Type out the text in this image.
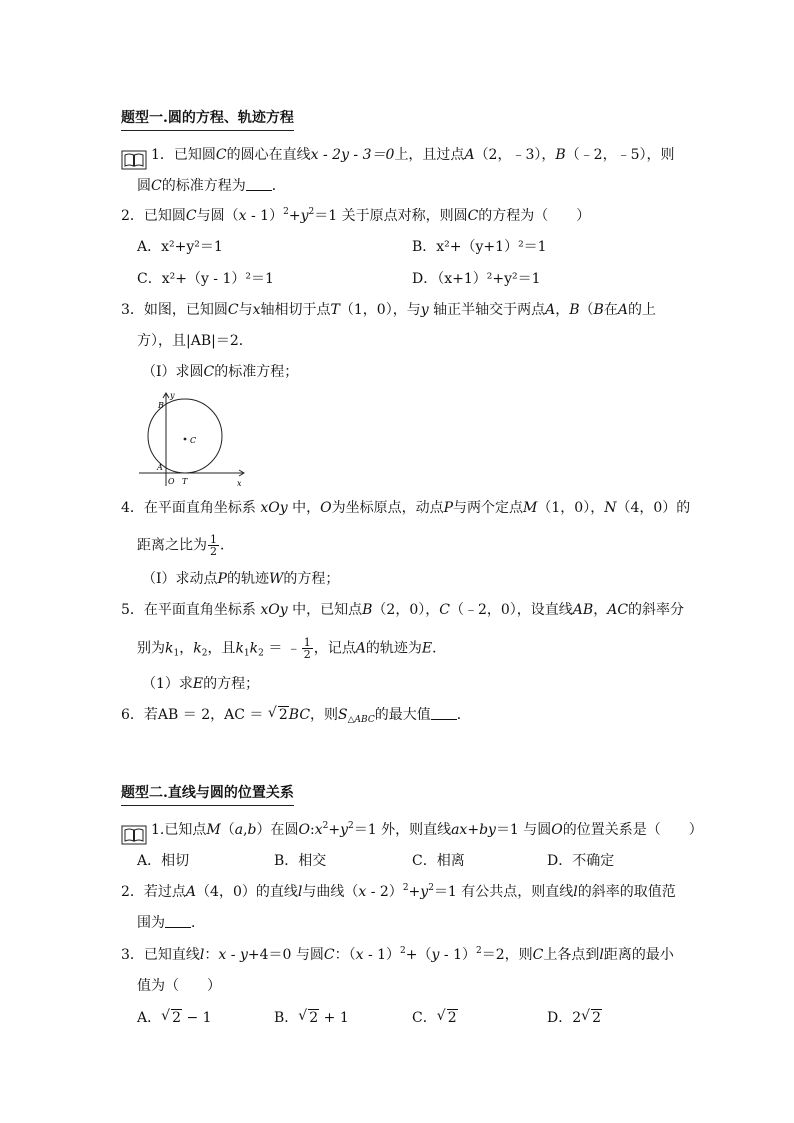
题型一.圆的方程、轨迹方程
1．已知圆C的圆心在直线x - 2y - 3＝0上，且过点A（2，﹣3），B（﹣2，﹣5），则
圆C的标准方程为 ．
2．已知圆C与圆$(x - 1)^2+y^2=1$ 关于原点对称，则圆C的方程为（　　）
A．x²+y²＝1	B．x²+（y+1）²＝1
C．x²+（y - 1）²＝1	D．（x+1）²+y²＝1
3．如图，已知圆C与x轴相切于点T（1，0），与y 轴正半轴交于两点A，B（B在A的上
方），且|AB|＝2．
（Ⅰ）求圆C的标准方程；
B
y
C
A
O T	x
4．在平面直角坐标系 xOy 中，O为坐标原点，动点P与两个定点M（1，0），N（4，0）的
距离之比为 $\frac{1}{2}$ ．
（Ⅰ）求动点P的轨迹W的方程；
5．在平面直角坐标系 xOy 中，已知点B（2，0），C（﹣2，0），设直线AB，AC的斜率分
别为$k_1$，$k_2$，且$k_1k_2$ ＝ ﹣ $\frac{1}{2}$ ，记点A的轨迹为E．
（1）求E的方程；
6．若AB ＝ 2，AC ＝ √ 2BC，则$S_{\triangle ABC}$的最大值 ．
题型二.直线与圆的位置关系
1.已知点M（a,b）在圆$O:x^2+y^2=1$ 外，则直线ax+by＝1 与圆O的位置关系是（　　）
A．相切	B．相交	C．相离	D．不确定
2．若过点A（4，0）的直线l与曲线$(x - 2)^2+y^2=1$ 有公共点，则直线l的斜率的取值范
围为 ．
3．已知直线l：x - y+4＝0 与圆C：（x - 1）$^2$+（y - 1）$^2$＝2，则C上各点到l距离的最小
值为（　　）
A． √ 2 − 1	B． √ 2 + 1	C． √ 2	D．2 √ 2
